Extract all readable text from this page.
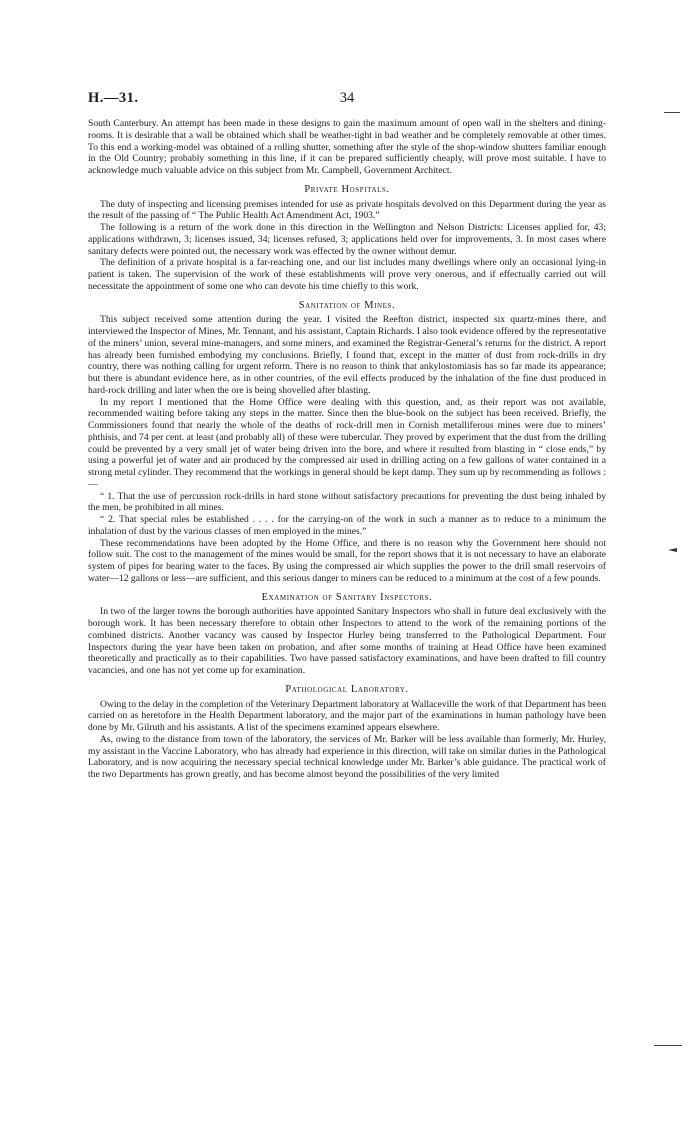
34
H.—31.

South Canterbury. An attempt has been made in these designs to gain the maximum amount of open wall in the shelters and dining-rooms. It is desirable that a wall be obtained which shall be weather-tight in bad weather and be completely removable at other times. To this end a working-model was obtained of a rolling shutter, something after the style of the shop-window shutters familiar enough in the Old Country; probably something in this line, if it can be prepared sufficiently cheaply, will prove most suitable. I have to acknowledge much valuable advice on this subject from Mr. Campbell, Government Architect.

Private Hospitals.

The duty of inspecting and licensing premises intended for use as private hospitals devolved on this Department during the year as the result of the passing of “ The Public Health Act Amendment Act, 1903.”

The following is a return of the work done in this direction in the Wellington and Nelson Districts: Licenses applied for, 43; applications withdrawn, 3; licenses issued, 34; licenses refused, 3; applications held over for improvements, 3. In most cases where sanitary defects were pointed out, the necessary work was effected by the owner without demur.

The definition of a private hospital is a far-reaching one, and our list includes many dwellings where only an occasional lying-in patient is taken. The supervision of the work of these establishments will prove very onerous, and if effectually carried out will necessitate the appointment of some one who can devote his time chiefly to this work.

Sanitation of Mines.

This subject received some attention during the year. I visited the Reefton district, inspected six quartz-mines there, and interviewed the Inspector of Mines, Mr. Tennant, and his assistant, Captain Richards. I also took evidence offered by the representative of the miners’ union, several mine-managers, and some miners, and examined the Registrar-General’s returns for the district. A report has already been furnished embodying my conclusions. Briefly, I found that, except in the matter of dust from rock-drills in dry country, there was nothing calling for urgent reform. There is no reason to think that ankylostomiasis has so far made its appearance; but there is abundant evidence here, as in other countries, of the evil effects produced by the inhalation of the fine dust produced in hard-rock drilling and later when the ore is being shovelled after blasting.

In my report I mentioned that the Home Office were dealing with this question, and, as their report was not available, recommended waiting before taking any steps in the matter. Since then the blue-book on the subject has been received. Briefly, the Commissioners found that nearly the whole of the deaths of rock-drill men in Cornish metalliferous mines were due to miners’ phthisis, and 74 per cent. at least (and probably all) of these were tubercular. They proved by experiment that the dust from the drilling could be prevented by a very small jet of water being driven into the bore, and where it resulted from blasting in “ close ends,” by using a powerful jet of water and air produced by the compressed air used in drilling acting on a few gallons of water contained in a strong metal cylinder. They recommend that the workings in general should be kept damp. They sum up by recommending as follows :—

“ 1. That the use of percussion rock-drills in hard stone without satisfactory precautions for preventing the dust being inhaled by the men, be prohibited in all mines.

“ 2. That special rules be established . . . . for the carrying-on of the work in such a manner as to reduce to a minimum the inhalation of dust by the various classes of men employed in the mines.”

These recommendations have been adopted by the Home Office, and there is no reason why the Government here should not follow suit. The cost to the management of the mines would be small, for the report shows that it is not necessary to have an elaborate system of pipes for bearing water to the faces. By using the compressed air which supplies the power to the drill small reservoirs of water—12 gallons or less—are sufficient, and this serious danger to miners can be reduced to a minimum at the cost of a few pounds.

Examination of Sanitary Inspectors.

In two of the larger towns the borough authorities have appointed Sanitary Inspectors who shall in future deal exclusively with the borough work. It has been necessary therefore to obtain other Inspectors to attend to the work of the remaining portions of the combined districts. Another vacancy was caused by Inspector Hurley being transferred to the Pathological Department. Four Inspectors during the year have been taken on probation, and after some months of training at Head Office have been examined theoretically and practically as to their capabilities. Two have passed satisfactory examinations, and have been drafted to fill country vacancies, and one has not yet come up for examination.

Pathological Laboratory.

Owing to the delay in the completion of the Veterinary Department laboratory at Wallaceville the work of that Department has been carried on as heretofore in the Health Department laboratory, and the major part of the examinations in human pathology have been done by Mr. Gilruth and his assistants. A list of the specimens examined appears elsewhere.

As, owing to the distance from town of the laboratory, the services of Mr. Barker will be less available than formerly, Mr. Hurley, my assistant in the Vaccine Laboratory, who has already had experience in this direction, will take on similar duties in the Pathological Laboratory, and is now acquiring the necessary special technical knowledge under Mr. Barker’s able guidance. The practical work of the two Departments has grown greatly, and has become almost beyond the possibilities of the very limited
